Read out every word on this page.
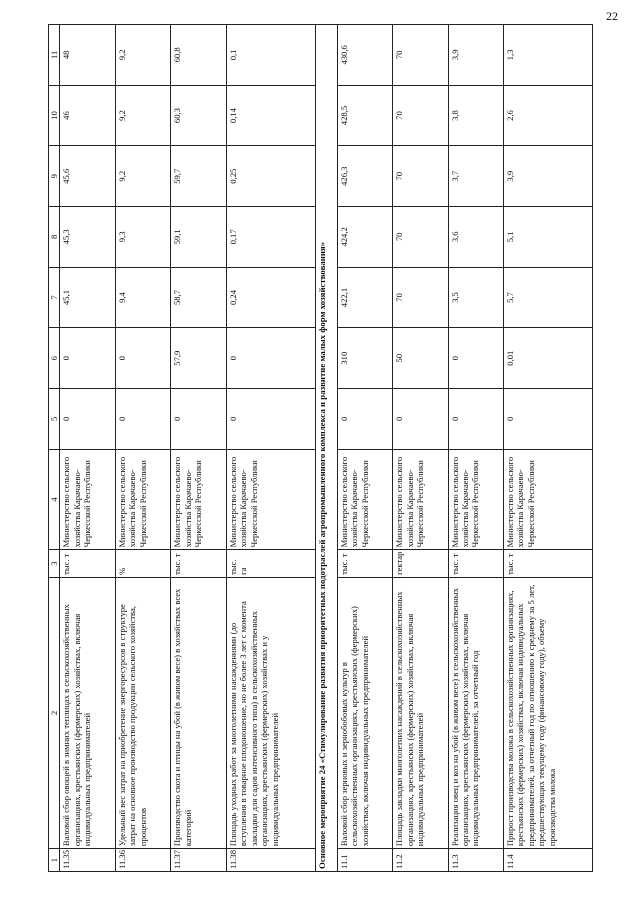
22
1	2	3	4	5	6	7	8	9	10	11
11.35	Валовой сбор овощей в зимних теплицах в сельскохозяйственных организациях, крестьянских (фермерских) хозяйствах, включая индивидуальных предпринимателей	тыс. т	Министерство сельского хозяйства Карачаево-Черкесской Республики	0	0	45,1	45,3	45,6	46	48
11.36	Удельный вес затрат на приобретение энергоресурсов в структуре затрат на основное производство продукции сельского хозяйства, процентов	%	Министерство сельского хозяйства Карачаево-Черкесской Республики	0	0	9,4	9,3	9,2	9,2	9,2
11.37	Производство скота и птицы на убой (в живом весе) в хозяйствах всех категорий	тыс. т	Министерство сельского хозяйства Карачаево-Черкесской Республики	0	57,9	58,7	59,1	59,7	60,3	60,8
11.38	Площадь уходных работ за многолетними насаждениями (до вступления в товарное плодоношение, но не более 3 лет с момента закладки для садов интенсивного типа) в сельскохозяйственных организациях, крестьянских (фермерских) хозяйствах и у индивидуальных предпринимателей	тыс. га	Министерство сельского хозяйства Карачаево-Черкесской Республики	0	0	0,24	0,17	0,25	0,14	0,1
Основное мероприятие 24 «Стимулирование развития приоритетных подотраслей агропромышленного комплекса и развитие малых форм хозяйствования»										
11.1	Валовой сбор зерновых и зернобобовых культур в сельскохозяйственных организациях, крестьянских (фермерских) хозяйствах, включая индивидуальных предпринимателей	тыс. т	Министерство сельского хозяйства Карачаево-Черкесской Республики	0	310	422,1	424,2	426,3	428,5	430,6
11.2	Площадь закладки многолетних насаждений в сельскохозяйственных организациях, крестьянских (фермерских) хозяйствах, включая индивидуальных предпринимателей	гектар	Министерство сельского хозяйства Карачаево-Черкесской Республики	0	50	70	70	70	70	70
11.3	Реализация овец и коз на убой (в живом весе) в сельскохозяйственных организациях, крестьянских (фермерских) хозяйствах, включая индивидуальных предпринимателей, за отчетный год	тыс. т	Министерство сельского хозяйства Карачаево-Черкесской Республики	0	0	3,5	3,6	3,7	3,8	3,9
11.4	Прирост производства молока в сельскохозяйственных организациях, крестьянских (фермерских) хозяйствах, включая индивидуальных предпринимателей, за отчетный год по отношению к среднему за 5 лет, предшествующих текущему году (финансовому году), объему производства молока	тыс. т	Министерство сельского хозяйства Карачаево-Черкесской Республики	0	0,01	5,7	5,1	3,9	2,6	1,3
